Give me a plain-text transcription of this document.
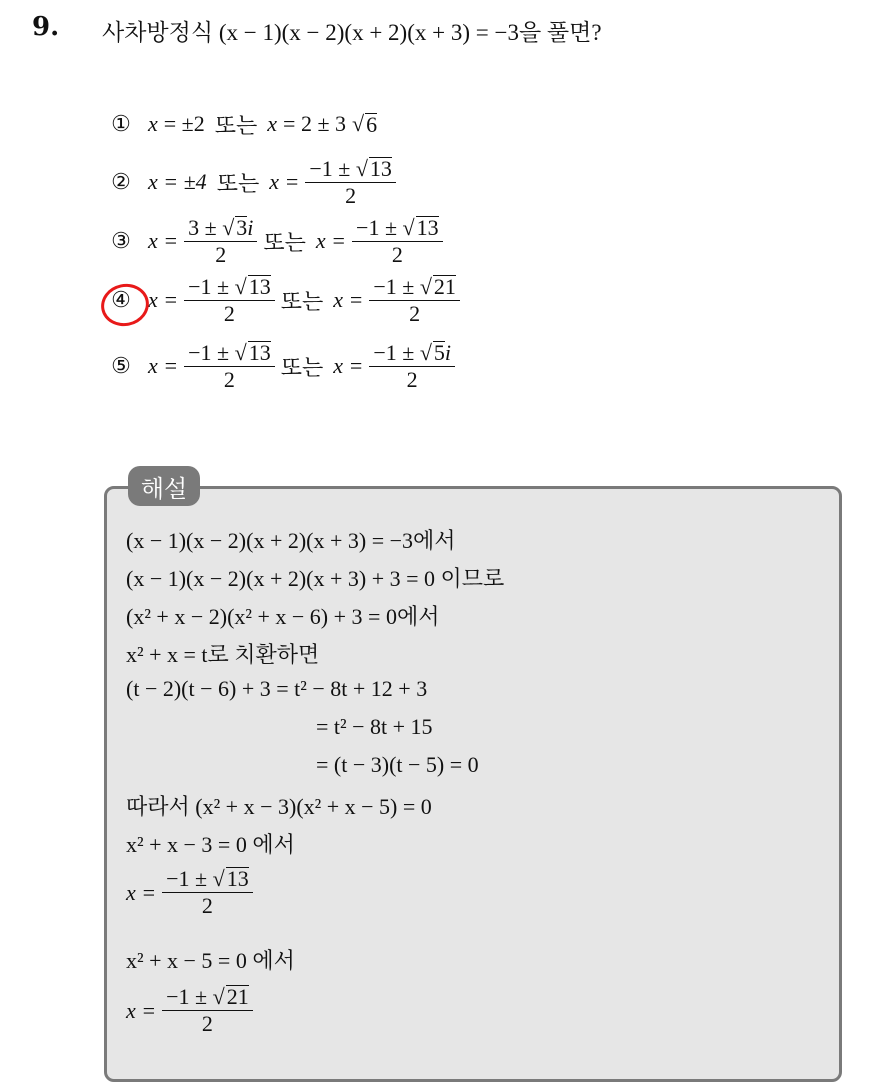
9. 사차방정식 (x − 1)(x − 2)(x + 2)(x + 3) = −3을 풀면?
① x = ±2 또는 x = 2 ± 3 √ 6
② x = ±4 또는 $x = \frac{-1 \pm √13}{2}$
③ $x = \frac{3 \pm √3i}{2}$ 또는 $x = \frac{-1 \pm √13}{2}$
④ $x = \frac{-1 \pm √13}{2}$ 또는 $x = \frac{-1 \pm √21}{2}$
⑤ $x = \frac{-1 \pm √13}{2}$ 또는 $x = \frac{-1 \pm √5i}{2}$
해설
(x − 1)(x − 2)(x + 2)(x + 3) = −3에서
(x − 1)(x − 2)(x + 2)(x + 3) + 3 = 0 이므로
(x² + x − 2)(x² + x − 6) + 3 = 0에서
x² + x = t로 치환하면
(t − 2)(t − 6) + 3 = t² − 8t + 12 + 3
= t² − 8t + 15
= (t − 3)(t − 5) = 0
따라서 (x² + x − 3)(x² + x − 5) = 0
x² + x − 3 = 0 에서
$x = \frac{-1 \pm √13}{2}$
x² + x − 5 = 0 에서
$x = \frac{-1 \pm √21}{2}$
